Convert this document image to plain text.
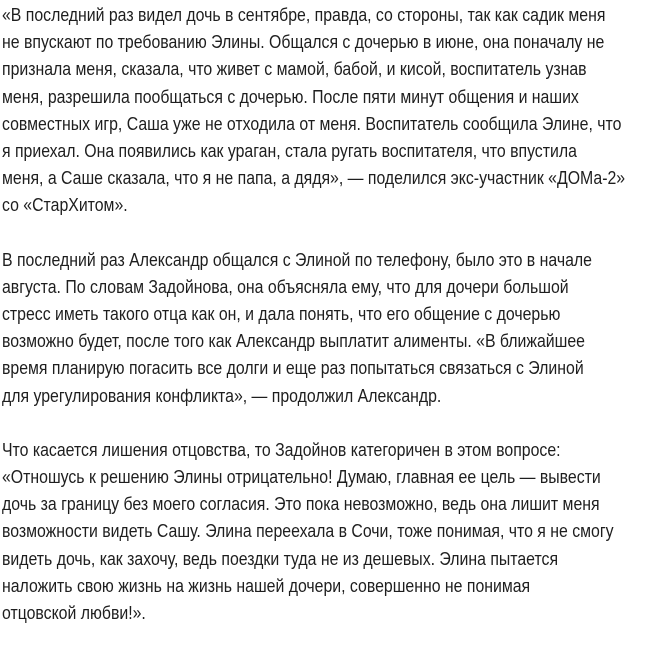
«В последний раз видел дочь в сентябре, правда, со стороны, так как садик меня
не впускают по требованию Элины. Общался с дочерью в июне, она поначалу не
признала меня, сказала, что живет с мамой, бабой, и кисой, воспитатель узнав
меня, разрешила пообщаться с дочерью. После пяти минут общения и наших
совместных игр, Саша уже не отходила от меня. Воспитатель сообщила Элине, что
я приехал. Она появились как ураган, стала ругать воспитателя, что впустила
меня, а Саше сказала, что я не папа, а дядя», — поделился экс-участник «ДОМа-2»
со «СтарХитом».

В последний раз Александр общался с Элиной по телефону, было это в начале
августа. По словам Задойнова, она объясняла ему, что для дочери большой
стресс иметь такого отца как он, и дала понять, что его общение с дочерью
возможно будет, после того как Александр выплатит алименты. «В ближайшее
время планирую погасить все долги и еще раз попытаться связаться с Элиной
для урегулирования конфликта», — продолжил Александр.

Что касается лишения отцовства, то Задойнов категоричен в этом вопросе:
«Отношусь к решению Элины отрицательно! Думаю, главная ее цель — вывести
дочь за границу без моего согласия. Это пока невозможно, ведь она лишит меня
возможности видеть Сашу. Элина переехала в Сочи, тоже понимая, что я не смогу
видеть дочь, как захочу, ведь поездки туда не из дешевых. Элина пытается
наложить свою жизнь на жизнь нашей дочери, совершенно не понимая
отцовской любви!».
